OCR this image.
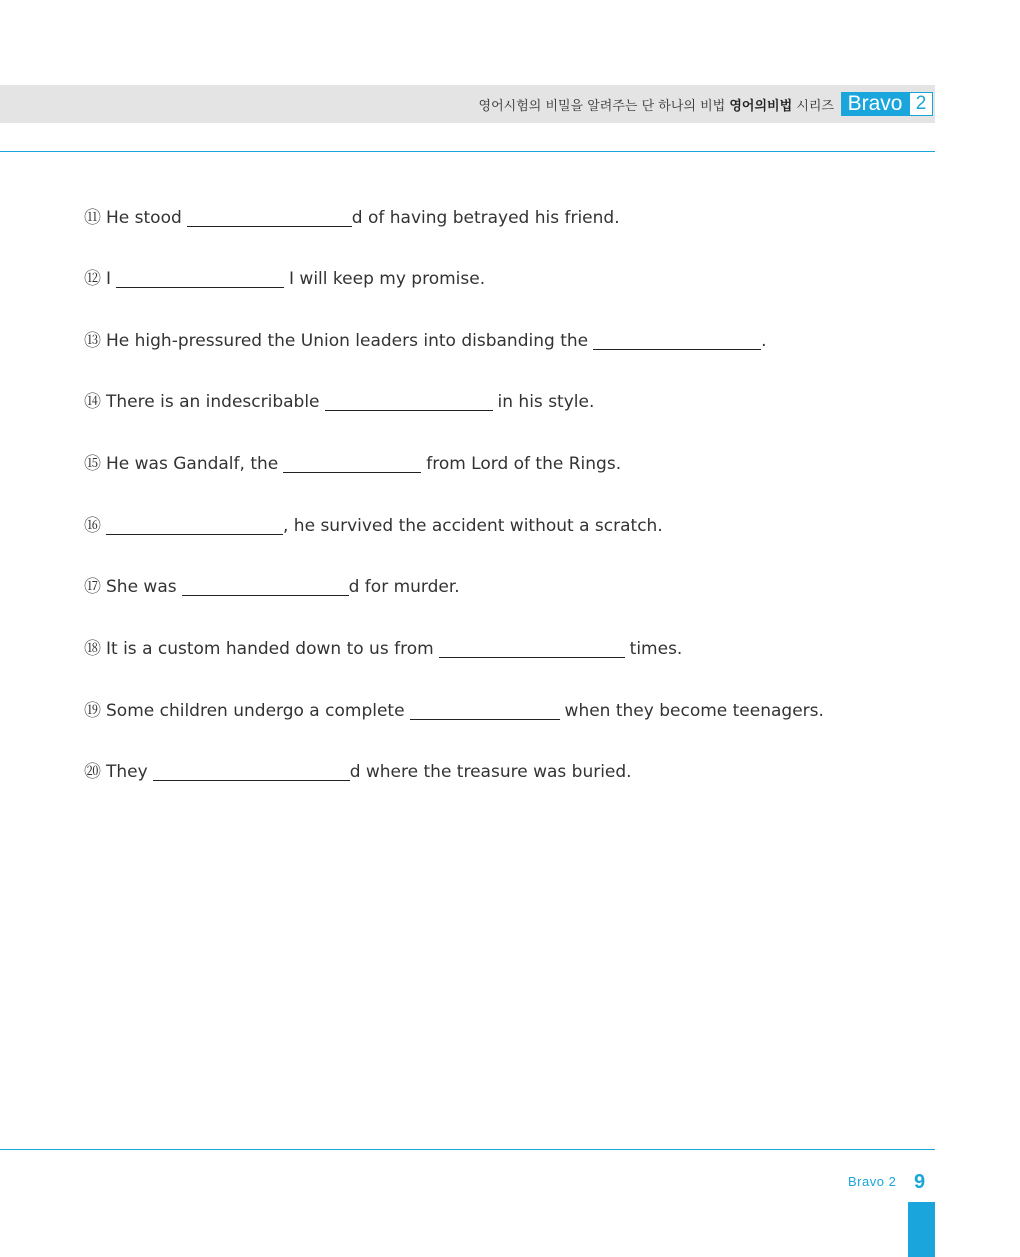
영어시험의 비밀을 알려주는 단 하나의 비법 영어의비법 시리즈 Bravo 2
⑪ He stood	d of having betrayed his friend.
⑫ I	I will keep my promise.
⑬ He high-pressured the Union leaders into disbanding the	.
⑭ There is an indescribable	in his style.
⑮ He was Gandalf, the	from Lord of the Rings.
⑯	, he survived the accident without a scratch.
⑰ She was	d for murder.
⑱ It is a custom handed down to us from	times.
⑲ Some children undergo a complete	when they become teenagers.
⑳ They	d where the treasure was buried.
Bravo 2 9
